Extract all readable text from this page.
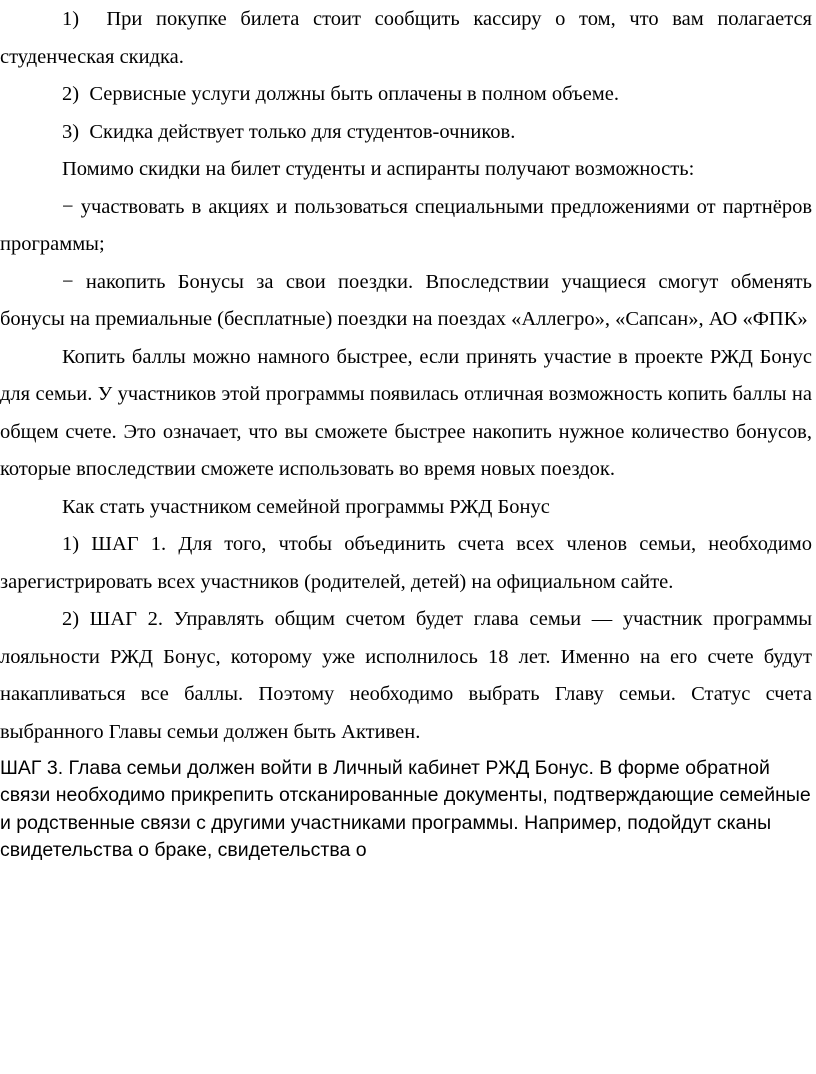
1)  При покупке билета стоит сообщить кассиру о том, что вам полагается студенческая скидка.

2)  Сервисные услуги должны быть оплачены в полном объеме.

3)  Скидка действует только для студентов-очников.

Помимо скидки на билет студенты и аспиранты получают возможность:

− участвовать в акциях и пользоваться специальными предложениями от партнёров программы;

− накопить Бонусы за свои поездки. Впоследствии учащиеся смогут обменять бонусы на премиальные (бесплатные) поездки на поездах «Аллегро», «Сапсан», АО «ФПК»

Копить баллы можно намного быстрее, если принять участие в проекте РЖД Бонус для семьи. У участников этой программы появилась отличная возможность копить баллы на общем счете. Это означает, что вы сможете быстрее накопить нужное количество бонусов, которые впоследствии сможете использовать во время новых поездок.

Как стать участником семейной программы РЖД Бонус

1) ШАГ 1. Для того, чтобы объединить счета всех членов семьи, необходимо зарегистрировать всех участников (родителей, детей) на официальном сайте.

2) ШАГ 2. Управлять общим счетом будет глава семьи — участник программы лояльности РЖД Бонус, которому уже исполнилось 18 лет. Именно на его счете будут накапливаться все баллы. Поэтому необходимо выбрать Главу семьи. Статус счета выбранного Главы семьи должен быть Активен.

ШАГ 3. Глава семьи должен войти в Личный кабинет РЖД Бонус. В форме обратной связи необходимо прикрепить отсканированные документы, подтверждающие семейные и родственные связи с другими участниками программы. Например, подойдут сканы свидетельства о браке, свидетельства о
